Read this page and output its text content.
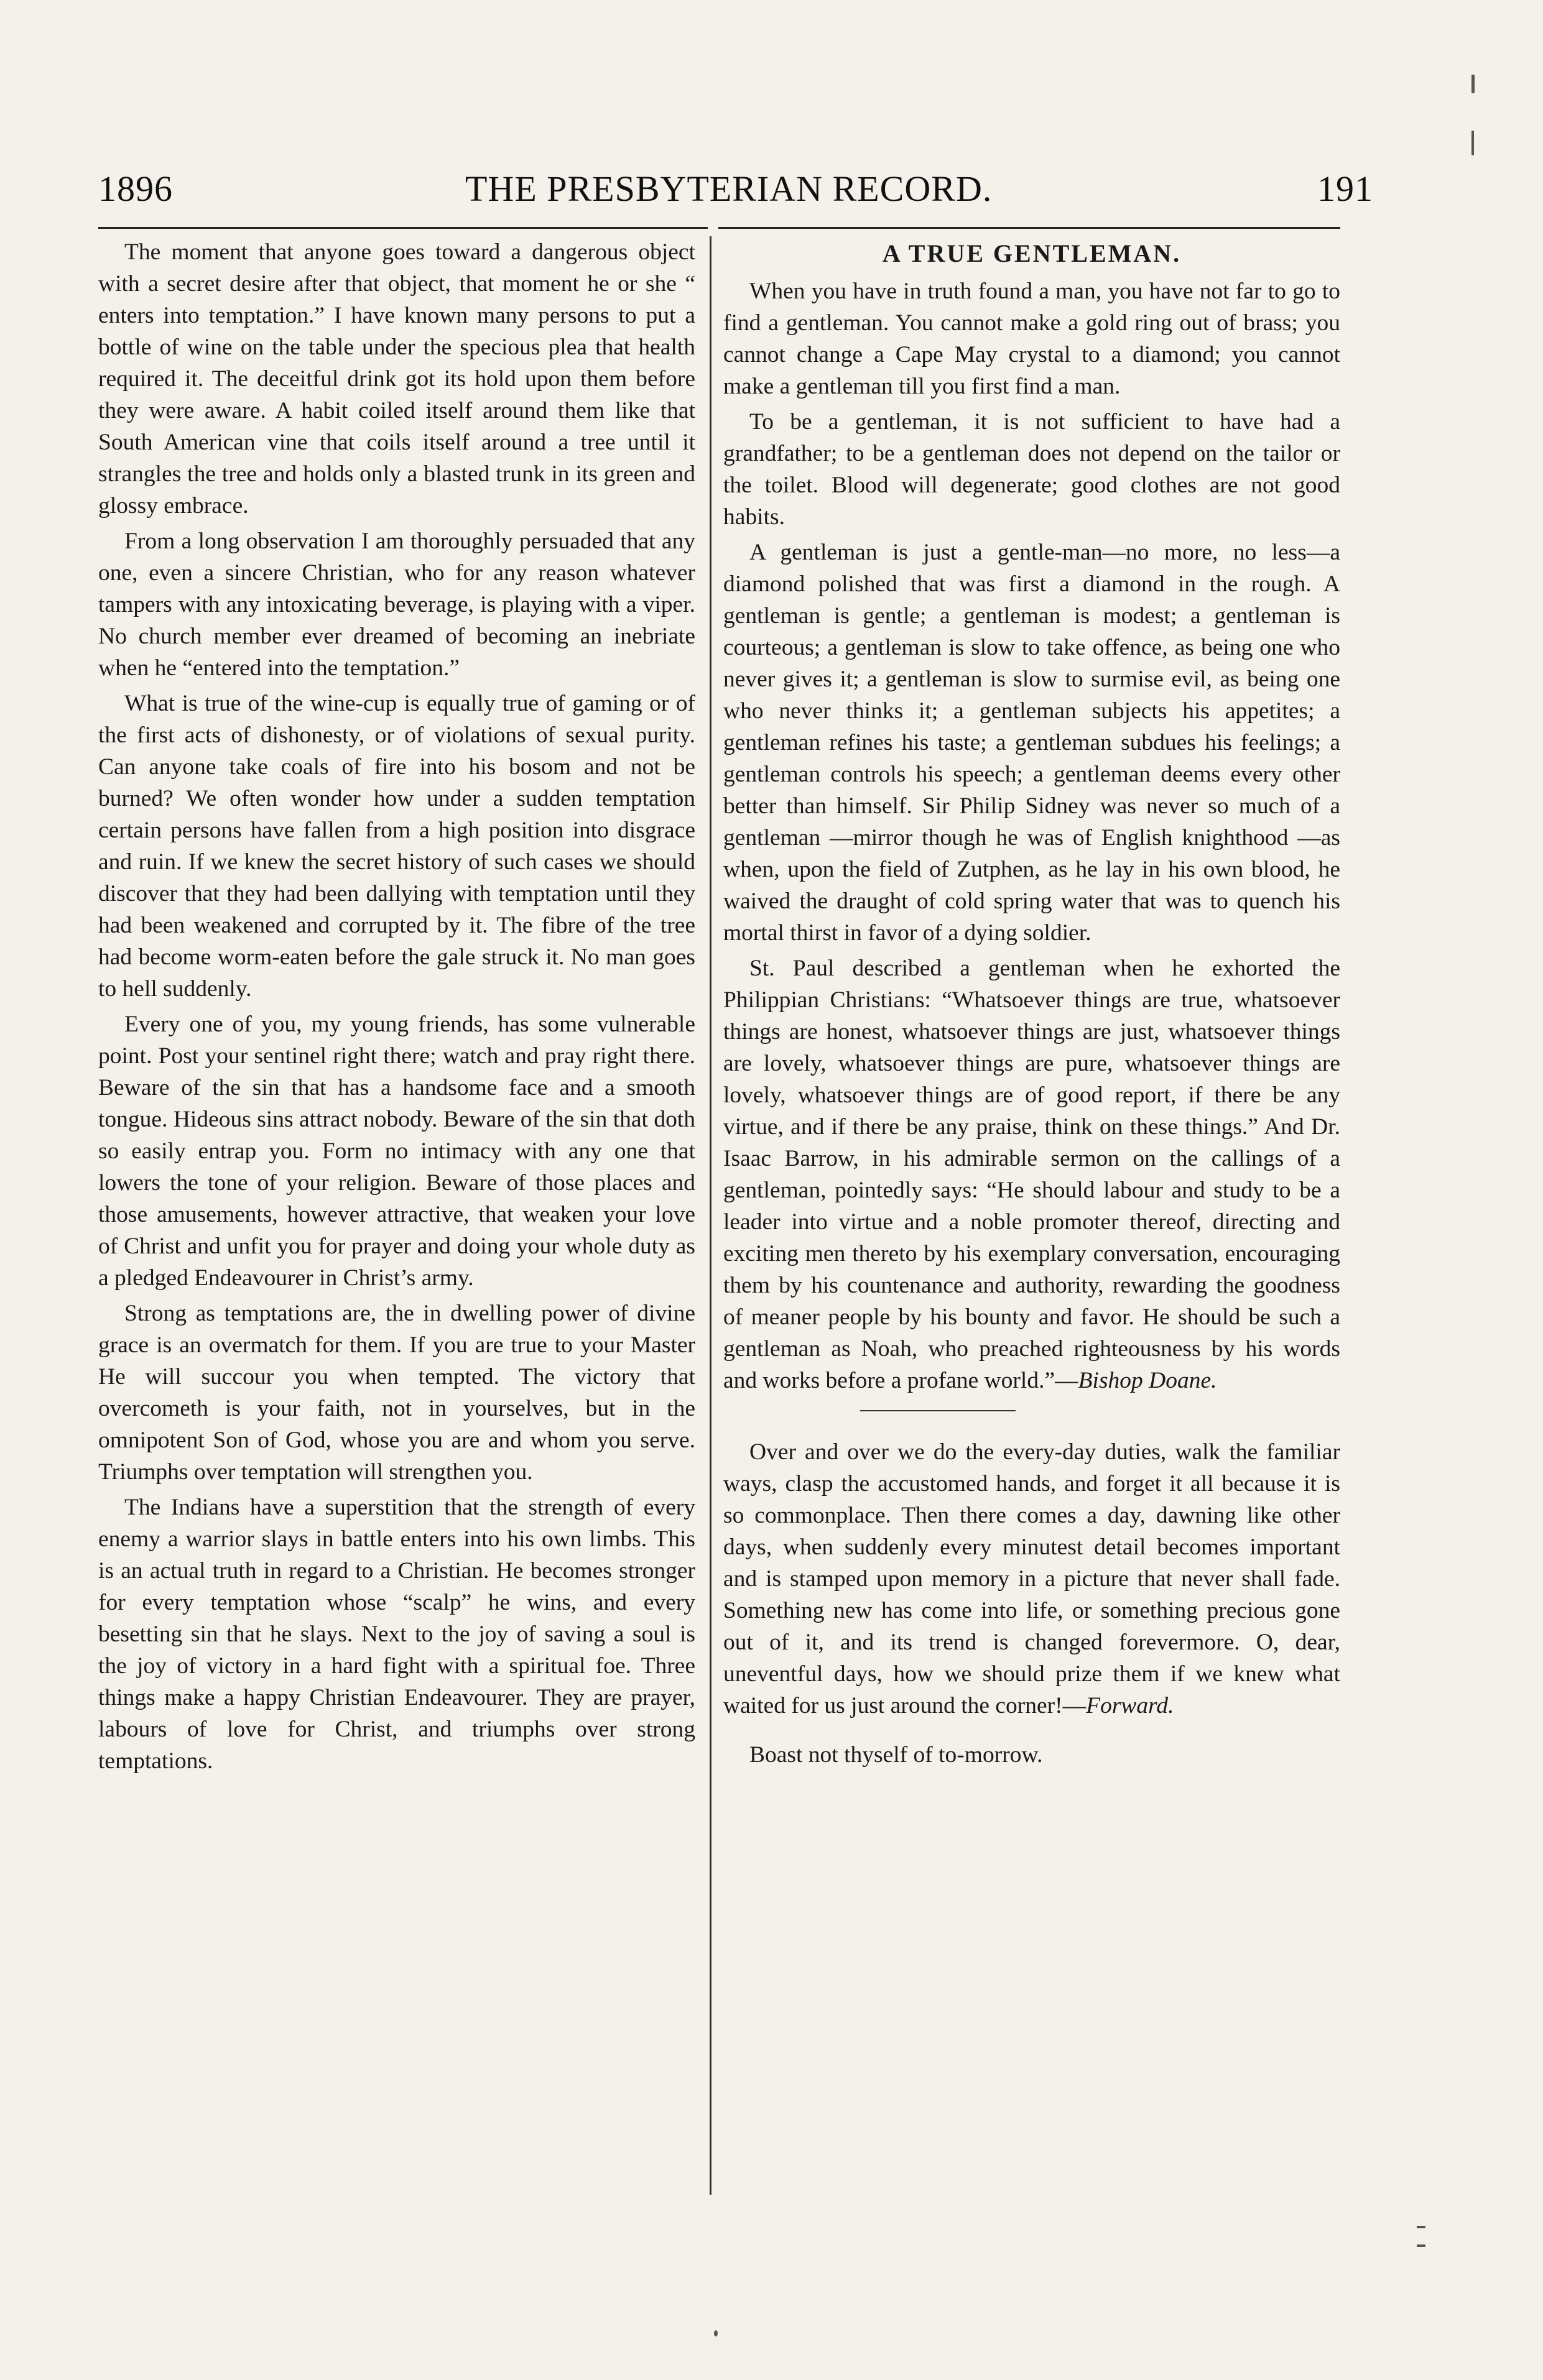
1896	THE PRESBYTERIAN RECORD.	191

The moment that anyone goes toward a dangerous object with a secret desire after that object, that moment he or she “ enters into temptation.” I have known many persons to put a bottle of wine on the table under the specious plea that health required it. The deceitful drink got its hold upon them before they were aware. A habit coiled itself around them like that South American vine that coils itself around a tree until it strangles the tree and holds only a blasted trunk in its green and glossy embrace.

From a long observation I am thoroughly persuaded that any one, even a sincere Christian, who for any reason whatever tampers with any intoxicating beverage, is playing with a viper. No church member ever dreamed of becoming an inebriate when he “entered into the temptation.”

What is true of the wine-cup is equally true of gaming or of the first acts of dishonesty, or of violations of sexual purity. Can anyone take coals of fire into his bosom and not be burned? We often wonder how under a sudden temptation certain persons have fallen from a high position into disgrace and ruin. If we knew the secret history of such cases we should discover that they had been dallying with temptation until they had been weakened and corrupted by it. The fibre of the tree had become worm-eaten before the gale struck it. No man goes to hell suddenly.

Every one of you, my young friends, has some vulnerable point. Post your sentinel right there; watch and pray right there. Beware of the sin that has a handsome face and a smooth tongue. Hideous sins attract nobody. Beware of the sin that doth so easily entrap you. Form no intimacy with any one that lowers the tone of your religion. Beware of those places and those amusements, however attractive, that weaken your love of Christ and unfit you for prayer and doing your whole duty as a pledged Endeavourer in Christ’s army.

Strong as temptations are, the in dwelling power of divine grace is an overmatch for them. If you are true to your Master He will succour you when tempted. The victory that overcometh is your faith, not in yourselves, but in the omnipotent Son of God, whose you are and whom you serve. Triumphs over temptation will strengthen you.

The Indians have a superstition that the strength of every enemy a warrior slays in battle enters into his own limbs. This is an actual truth in regard to a Christian. He becomes stronger for every temptation whose “scalp” he wins, and every besetting sin that he slays. Next to the joy of saving a soul is the joy of victory in a hard fight with a spiritual foe. Three things make a happy Christian Endeavourer. They are prayer, labours of love for Christ, and triumphs over strong temptations.

A TRUE GENTLEMAN.

When you have in truth found a man, you have not far to go to find a gentleman. You cannot make a gold ring out of brass; you cannot change a Cape May crystal to a diamond; you cannot make a gentleman till you first find a man.

To be a gentleman, it is not sufficient to have had a grandfather; to be a gentleman does not depend on the tailor or the toilet. Blood will degenerate; good clothes are not good habits.

A gentleman is just a gentle-man—no more, no less—a diamond polished that was first a diamond in the rough. A gentleman is gentle; a gentleman is modest; a gentleman is courteous; a gentleman is slow to take offence, as being one who never gives it; a gentleman is slow to surmise evil, as being one who never thinks it; a gentleman subjects his appetites; a gentleman refines his taste; a gentleman subdues his feelings; a gentleman controls his speech; a gentleman deems every other better than himself. Sir Philip Sidney was never so much of a gentleman —mirror though he was of English knighthood —as when, upon the field of Zutphen, as he lay in his own blood, he waived the draught of cold spring water that was to quench his mortal thirst in favor of a dying soldier.

St. Paul described a gentleman when he exhorted the Philippian Christians: “Whatsoever things are true, whatsoever things are honest, whatsoever things are just, whatsoever things are lovely, whatsoever things are pure, whatsoever things are lovely, whatsoever things are of good report, if there be any virtue, and if there be any praise, think on these things.” And Dr. Isaac Barrow, in his admirable sermon on the callings of a gentleman, pointedly says: “He should labour and study to be a leader into virtue and a noble promoter thereof, directing and exciting men thereto by his exemplary conversation, encouraging them by his countenance and authority, rewarding the goodness of meaner people by his bounty and favor. He should be such a gentleman as Noah, who preached righteousness by his words and works before a profane world.”—Bishop Doane.

Over and over we do the every-day duties, walk the familiar ways, clasp the accustomed hands, and forget it all because it is so commonplace. Then there comes a day, dawning like other days, when suddenly every minutest detail becomes important and is stamped upon memory in a picture that never shall fade. Something new has come into life, or something precious gone out of it, and its trend is changed forevermore. O, dear, uneventful days, how we should prize them if we knew what waited for us just around the corner!—Forward.

Boast not thyself of to-morrow.
